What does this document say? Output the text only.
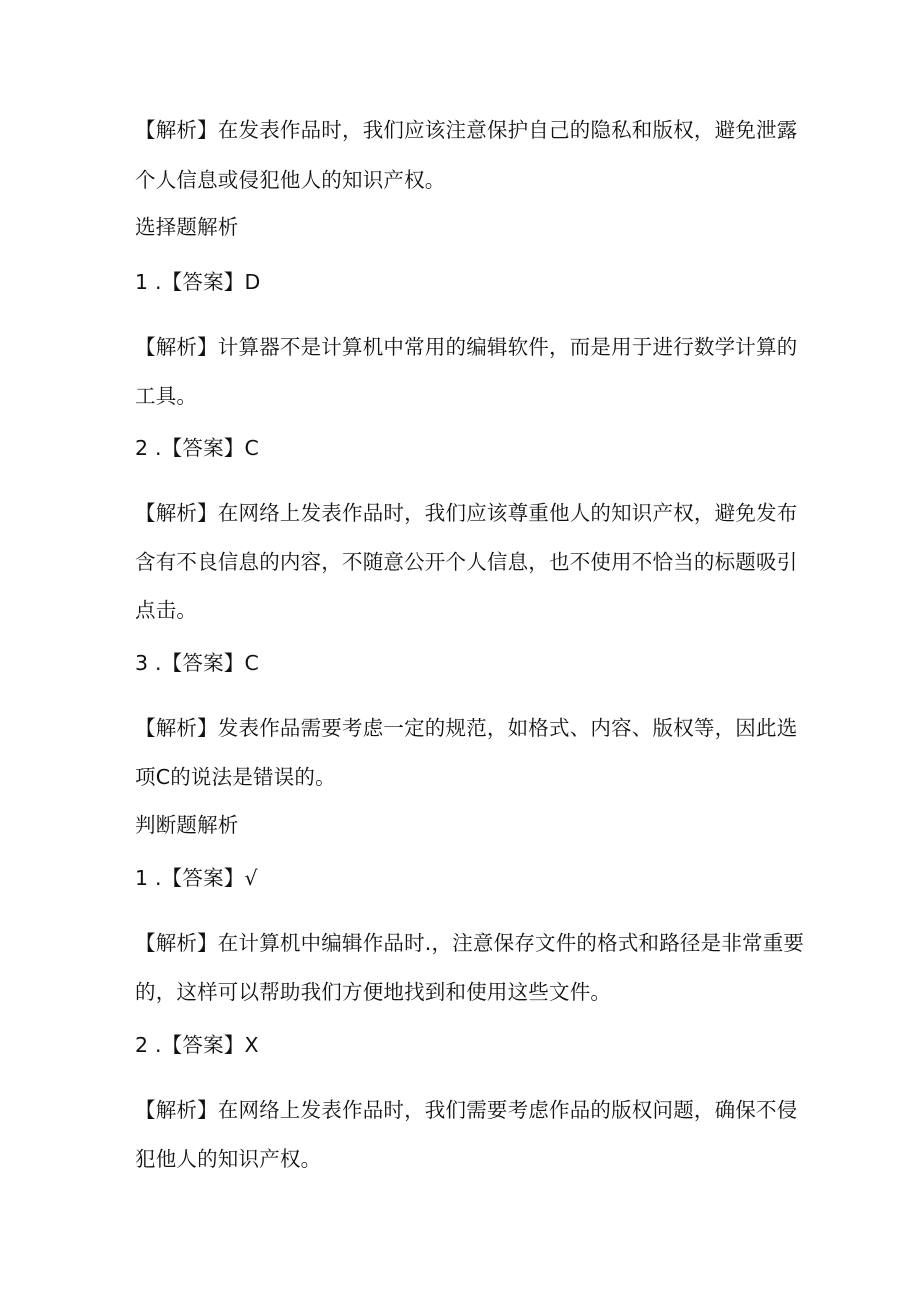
【解析】在发表作品时，我们应该注意保护自己的隐私和版权，避免泄露
个人信息或侵犯他人的知识产权。
选择题解析
1 .【答案】D
【解析】计算器不是计算机中常用的编辑软件，而是用于进行数学计算的
工具。
2 .【答案】C
【解析】在网络上发表作品时，我们应该尊重他人的知识产权，避免发布
含有不良信息的内容，不随意公开个人信息，也不使用不恰当的标题吸引
点击。
3 .【答案】C
【解析】发表作品需要考虑一定的规范，如格式、内容、版权等，因此选
项C的说法是错误的。
判断题解析
1 .【答案】√
【解析】在计算机中编辑作品时.，注意保存文件的格式和路径是非常重要
的，这样可以帮助我们方便地找到和使用这些文件。
2 .【答案】X
【解析】在网络上发表作品时，我们需要考虑作品的版权问题，确保不侵
犯他人的知识产权。
